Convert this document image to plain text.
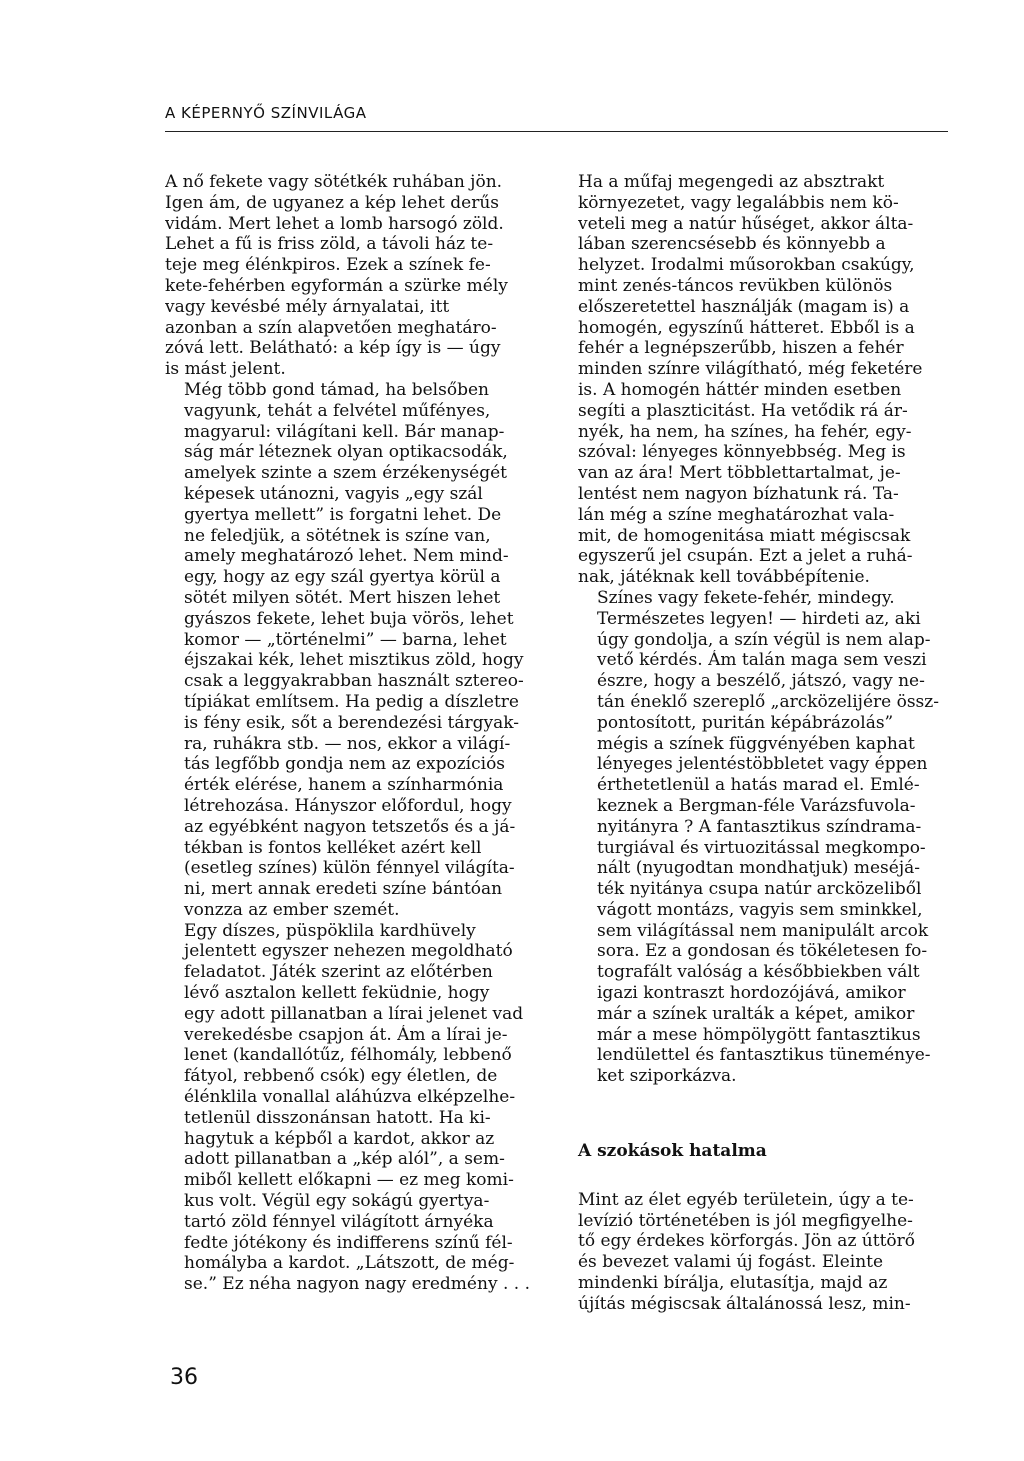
A KÉPERNYŐ SZÍNVILÁGA

A nő fekete vagy sötétkék ruhában jön.
Igen ám, de ugyanez a kép lehet derűs
vidám. Mert lehet a lomb harsogó zöld.
Lehet a fű is friss zöld, a távoli ház te-
teje meg élénkpiros. Ezek a színek fe-
kete-fehérben egyformán a szürke mély
vagy kevésbé mély árnyalatai, itt
azonban a szín alapvetően meghatáro-
zóvá lett. Belátható: a kép így is — úgy
is mást jelent.

Még több gond támad, ha belsőben
vagyunk, tehát a felvétel műfényes,
magyarul: világítani kell. Bár manap-
ság már léteznek olyan optikacsodák,
amelyek szinte a szem érzékenységét
képesek utánozni, vagyis „egy szál
gyertya mellett” is forgatni lehet. De
ne feledjük, a sötétnek is színe van,
amely meghatározó lehet. Nem mind-
egy, hogy az egy szál gyertya körül a
sötét milyen sötét. Mert hiszen lehet
gyászos fekete, lehet buja vörös, lehet
komor — „történelmi” — barna, lehet
éjszakai kék, lehet misztikus zöld, hogy
csak a leggyakrabban használt sztereo-
típiákat említsem. Ha pedig a díszletre
is fény esik, sőt a berendezési tárgyak-
ra, ruhákra stb. — nos, ekkor a világí-
tás legfőbb gondja nem az expozíciós
érték elérése, hanem a színharmónia
létrehozása. Hányszor előfordul, hogy
az egyébként nagyon tetszetős és a já-
tékban is fontos kelléket azért kell
(esetleg színes) külön fénnyel világíta-
ni, mert annak eredeti színe bántóan
vonzza az ember szemét.

Egy díszes, püspöklila kardhüvely
jelentett egyszer nehezen megoldható
feladatot. Játék szerint az előtérben
lévő asztalon kellett feküdnie, hogy
egy adott pillanatban a lírai jelenet vad
verekedésbe csapjon át. Ám a lírai je-
lenet (kandallótűz, félhomály, lebbenő
fátyol, rebbenő csók) egy életlen, de
élénklila vonallal aláhúzva elképzelhe-
tetlenül disszonánsan hatott. Ha ki-
hagytuk a képből a kardot, akkor az
adott pillanatban a „kép alól”, a sem-
miből kellett előkapni — ez meg komi-
kus volt. Végül egy sokágú gyertya-
tartó zöld fénnyel világított árnyéka
fedte jótékony és indifferens színű fél-
homályba a kardot. „Látszott, de még-
se.” Ez néha nagyon nagy eredmény . . .

Ha a műfaj megengedi az absztrakt
környezetet, vagy legalábbis nem kö-
veteli meg a natúr hűséget, akkor álta-
lában szerencsésebb és könnyebb a
helyzet. Irodalmi műsorokban csakúgy,
mint zenés-táncos revükben különös
előszeretettel használják (magam is) a
homogén, egyszínű hátteret. Ebből is a
fehér a legnépszerűbb, hiszen a fehér
minden színre világítható, még feketére
is. A homogén háttér minden esetben
segíti a plaszticitást. Ha vetődik rá ár-
nyék, ha nem, ha színes, ha fehér, egy-
szóval: lényeges könnyebbség. Meg is
van az ára! Mert többlettartalmat, je-
lentést nem nagyon bízhatunk rá. Ta-
lán még a színe meghatározhat vala-
mit, de homogenitása miatt mégiscsak
egyszerű jel csupán. Ezt a jelet a ruhá-
nak, játéknak kell továbbépítenie.

Színes vagy fekete-fehér, mindegy.
Természetes legyen! — hirdeti az, aki
úgy gondolja, a szín végül is nem alap-
vető kérdés. Ám talán maga sem veszi
észre, hogy a beszélő, játszó, vagy ne-
tán éneklő szereplő „arcközelijére össz-
pontosított, puritán képábrázolás”
mégis a színek függvényében kaphat
lényeges jelentéstöbbletet vagy éppen
érthetetlenül a hatás marad el. Emlé-
keznek a Bergman-féle Varázsfuvola-
nyitányra ? A fantasztikus színdrama-
turgiával és virtuozitással megkompo-
nált (nyugodtan mondhatjuk) meséjá-
ték nyitánya csupa natúr arcközeliből
vágott montázs, vagyis sem sminkkel,
sem világítással nem manipulált arcok
sora. Ez a gondosan és tökéletesen fo-
tografált valóság a későbbiekben vált
igazi kontraszt hordozójává, amikor
már a színek uralták a képet, amikor
már a mese hömpölygött fantasztikus
lendülettel és fantasztikus tüneménye-
ket sziporkázva.

A szokások hatalma

Mint az élet egyéb területein, úgy a te-
levízió történetében is jól megfigyelhe-
tő egy érdekes körforgás. Jön az úttörő
és bevezet valami új fogást. Eleinte
mindenki bírálja, elutasítja, majd az
újítás mégiscsak általánossá lesz, min-

36
